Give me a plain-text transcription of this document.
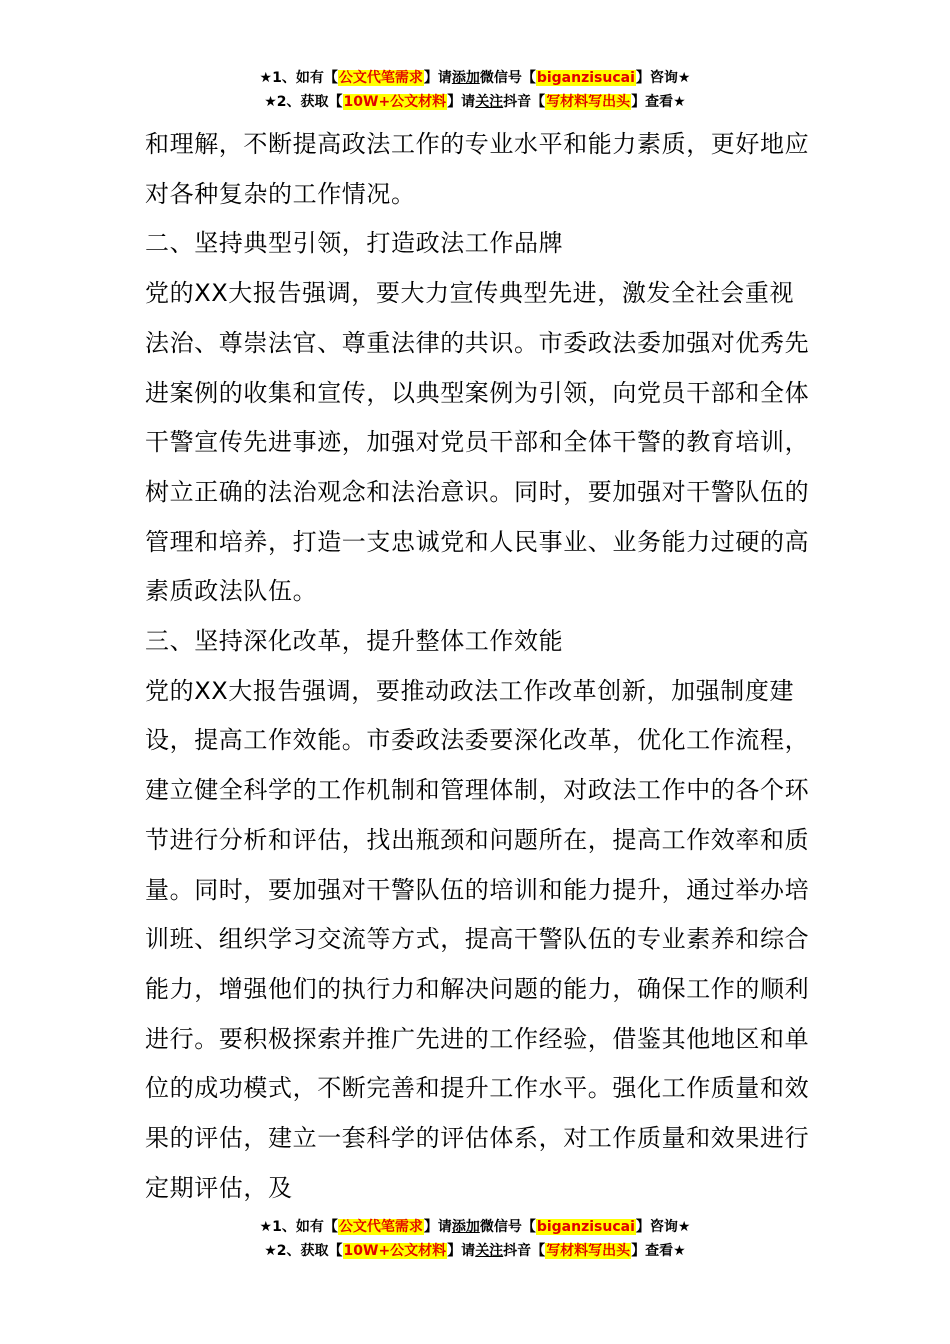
★1、如有【公文代笔需求】请添加微信号【biganzisucai】咨询★
★2、获取【10W+公文材料】请关注抖音【写材料写出头】查看★

和理解，不断提高政法工作的专业水平和能力素质，更好地应对各种复杂的工作情况。

二、坚持典型引领，打造政法工作品牌

党的XX大报告强调，要大力宣传典型先进，激发全社会重视法治、尊崇法官、尊重法律的共识。市委政法委加强对优秀先进案例的收集和宣传，以典型案例为引领，向党员干部和全体干警宣传先进事迹，加强对党员干部和全体干警的教育培训，树立正确的法治观念和法治意识。同时，要加强对干警队伍的管理和培养，打造一支忠诚党和人民事业、业务能力过硬的高素质政法队伍。

三、坚持深化改革，提升整体工作效能

党的XX大报告强调，要推动政法工作改革创新，加强制度建设，提高工作效能。市委政法委要深化改革，优化工作流程，建立健全科学的工作机制和管理体制，对政法工作中的各个环节进行分析和评估，找出瓶颈和问题所在，提高工作效率和质量。同时，要加强对干警队伍的培训和能力提升，通过举办培训班、组织学习交流等方式，提高干警队伍的专业素养和综合能力，增强他们的执行力和解决问题的能力，确保工作的顺利进行。要积极探索并推广先进的工作经验，借鉴其他地区和单位的成功模式，不断完善和提升工作水平。强化工作质量和效果的评估，建立一套科学的评估体系，对工作质量和效果进行定期评估，及

★1、如有【公文代笔需求】请添加微信号【biganzisucai】咨询★
★2、获取【10W+公文材料】请关注抖音【写材料写出头】查看★
